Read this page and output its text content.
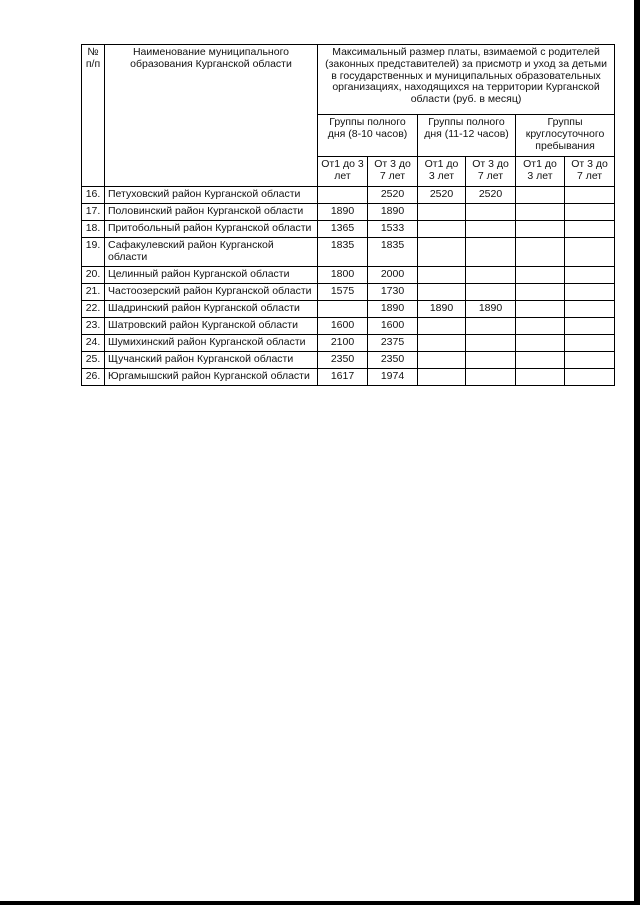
№ п/п	Наименование муниципального образования Курганской области	Максимальный размер платы, взимаемой с родителей (законных представителей) за присмотр и уход за детьми в государственных и муниципальных образовательных организациях, находящихся на территории Курганской области (руб. в месяц)					
		Группы полного дня (8-10 часов)		Группы полного дня (11-12 часов)		Группы круглосуточного пребывания	
		От1 до 3 лет	От 3 до 7 лет	От1 до 3 лет	От 3 до 7 лет	От1 до 3 лет	От 3 до 7 лет
16.	Петуховский район Курганской области		2520	2520	2520		
17.	Половинский район Курганской области	1890	1890				
18.	Притобольный район Курганской области	1365	1533				
19.	Сафакулевский район Курганской области	1835	1835				
20.	Целинный район Курганской области	1800	2000				
21.	Частоозерский район Курганской области	1575	1730				
22.	Шадринский район Курганской области		1890	1890	1890		
23.	Шатровский район Курганской области	1600	1600				
24.	Шумихинский район Курганской области	2100	2375				
25.	Щучанский район Курганской области	2350	2350				
26.	Юргамышский район Курганской области	1617	1974				
